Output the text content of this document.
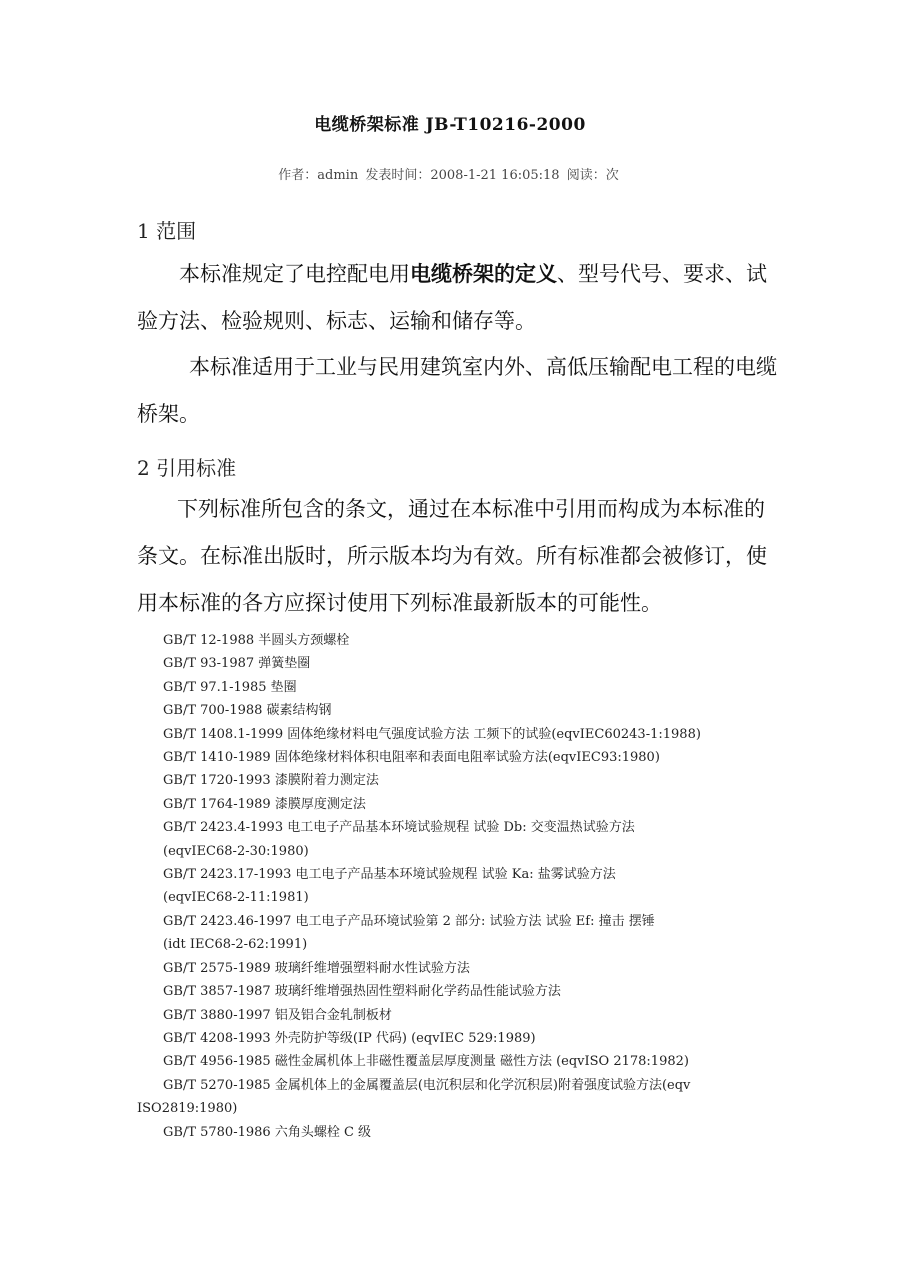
电缆桥架标准 JB-T10216-2000
作者：admin 发表时间：2008-1-21 16:05:18 阅读：次
1 范围
本标准规定了电控配电用电缆桥架的定义、型号代号、要求、试验方法、检验规则、标志、运输和储存等。
本标准适用于工业与民用建筑室内外、高低压输配电工程的电缆桥架。
2 引用标准
下列标准所包含的条文，通过在本标准中引用而构成为本标准的条文。在标准出版时，所示版本均为有效。所有标准都会被修订，使用本标准的各方应探讨使用下列标准最新版本的可能性。
GB/T 12-1988 半圆头方颈螺栓
GB/T 93-1987 弹簧垫圈
GB/T 97.1-1985 垫圈
GB/T 700-1988 碳素结构钢
GB/T 1408.1-1999 固体绝缘材料电气强度试验方法 工频下的试验(eqvIEC60243-1:1988)
GB/T 1410-1989 固体绝缘材料体积电阻率和表面电阻率试验方法(eqvIEC93:1980)
GB/T 1720-1993 漆膜附着力测定法
GB/T 1764-1989 漆膜厚度测定法
GB/T 2423.4-1993 电工电子产品基本环境试验规程 试验 Db: 交变温热试验方法
(eqvIEC68-2-30:1980)
GB/T 2423.17-1993 电工电子产品基本环境试验规程 试验 Ka: 盐雾试验方法
(eqvIEC68-2-11:1981)
GB/T 2423.46-1997 电工电子产品环境试验第 2 部分: 试验方法 试验 Ef: 撞击 摆锤
(idt IEC68-2-62:1991)
GB/T 2575-1989 玻璃纤维增强塑料耐水性试验方法
GB/T 3857-1987 玻璃纤维增强热固性塑料耐化学药品性能试验方法
GB/T 3880-1997 铝及铝合金轧制板材
GB/T 4208-1993 外壳防护等级(IP 代码) (eqvIEC 529:1989)
GB/T 4956-1985 磁性金属机体上非磁性覆盖层厚度测量 磁性方法 (eqvISO 2178:1982)
GB/T 5270-1985 金属机体上的金属覆盖层(电沉积层和化学沉积层)附着强度试验方法(eqv
ISO2819:1980)
GB/T 5780-1986 六角头螺栓 C 级
